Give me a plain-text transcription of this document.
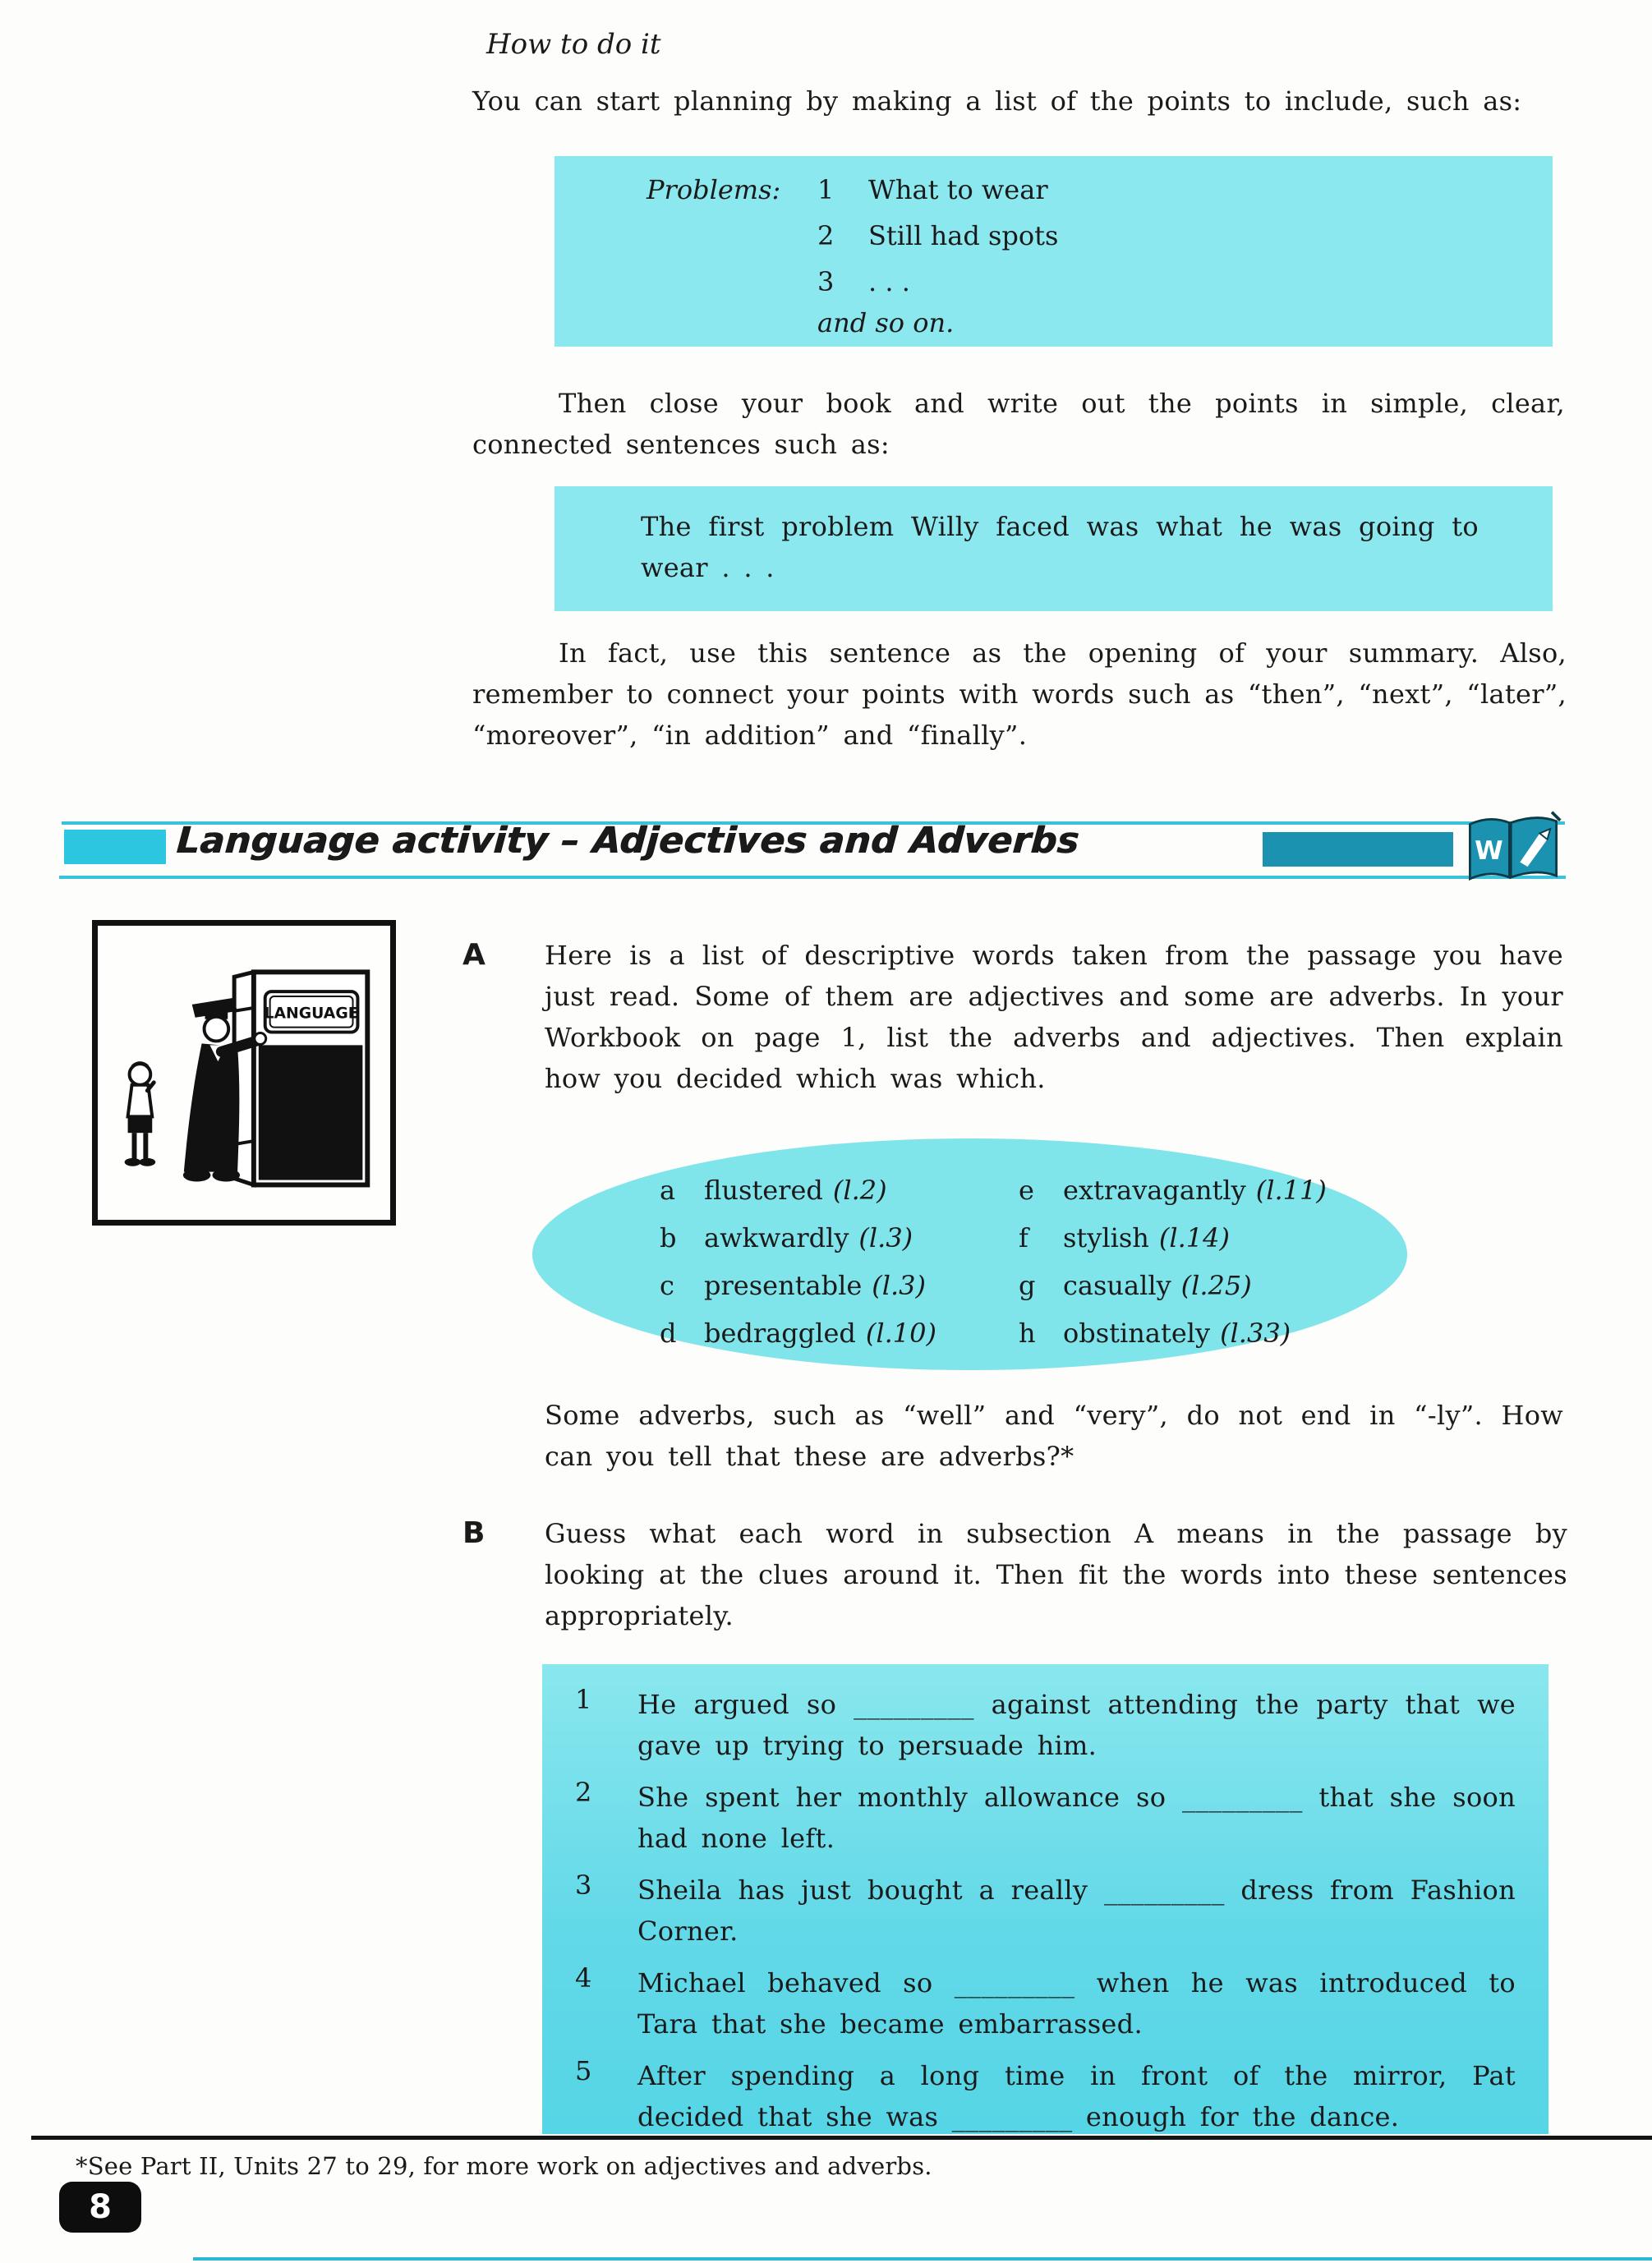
How to do it
You can start planning by making a list of the points to include, such as:
Problems: 1	What to wear
2	Still had spots
3	. . .
and so on.
Then close your book and write out the points in simple, clear, connected sentences such as:
The first problem Willy faced was what he was going to wear . . .
In fact, use this sentence as the opening of your summary. Also, remember to connect your points with words such as “then”, “next”, “later”, “moreover”, “in addition” and “finally”.
Language activity – Adjectives and Adverbs	W
LANGUAGE
A Here is a list of descriptive words taken from the passage you have just read. Some of them are adjectives and some are adverbs. In your Workbook on page 1, list the adverbs and adjectives. Then explain how you decided which was which.
a	flustered (l.2)
b	awkwardly (l.3)
c	presentable (l.3)
d	bedraggled (l.10)
e	extravagantly (l.11)
f	stylish (l.14)
g	casually (l.25)
h	obstinately (l.33)
Some adverbs, such as “well” and “very”, do not end in “-ly”. How can you tell that these are adverbs?*
B Guess what each word in subsection A means in the passage by looking at the clues around it. Then fit the words into these sentences appropriately.
1	He argued so _________ against attending the party that we gave up trying to persuade him.
2	She spent her monthly allowance so _________ that she soon had none left.
3	Sheila has just bought a really _________ dress from Fashion Corner.
4	Michael behaved so _________ when he was introduced to Tara that she became embarrassed.
5	After spending a long time in front of the mirror, Pat decided that she was _________ enough for the dance.
*See Part II, Units 27 to 29, for more work on adjectives and adverbs.
8
